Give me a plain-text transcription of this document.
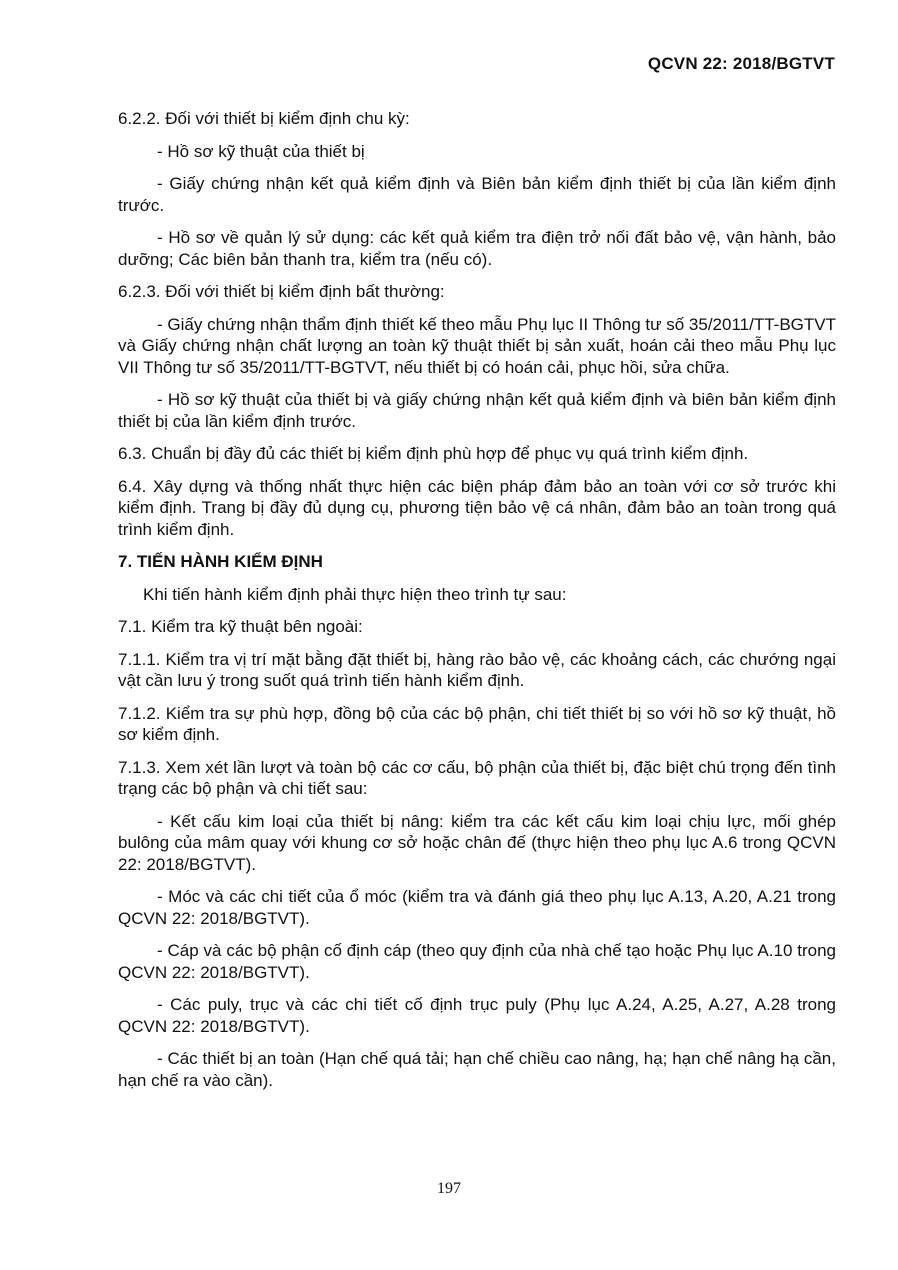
QCVN 22: 2018/BGTVT

6.2.2. Đối với thiết bị kiểm định chu kỳ:

- Hồ sơ kỹ thuật của thiết bị

- Giấy chứng nhận kết quả kiểm định và Biên bản kiểm định thiết bị của lần kiểm định trước.

- Hồ sơ về quản lý sử dụng: các kết quả kiểm tra điện trở nối đất bảo vệ, vận hành, bảo dưỡng; Các biên bản thanh tra, kiểm tra (nếu có).

6.2.3. Đối với thiết bị kiểm định bất thường:

- Giấy chứng nhận thẩm định thiết kế theo mẫu Phụ lục II Thông tư số 35/2011/TT-BGTVT và Giấy chứng nhận chất lượng an toàn kỹ thuật thiết bị sản xuất, hoán cải theo mẫu Phụ lục VII Thông tư số 35/2011/TT-BGTVT, nếu thiết bị có hoán cải, phục hồi, sửa chữa.

- Hồ sơ kỹ thuật của thiết bị và giấy chứng nhận kết quả kiểm định và biên bản kiểm định thiết bị của lần kiểm định trước.

6.3. Chuẩn bị đầy đủ các thiết bị kiểm định phù hợp để phục vụ quá trình kiểm định.

6.4. Xây dựng và thống nhất thực hiện các biện pháp đảm bảo an toàn với cơ sở trước khi kiểm định. Trang bị đầy đủ dụng cụ, phương tiện bảo vệ cá nhân, đảm bảo an toàn trong quá trình kiểm định.

7. TIẾN HÀNH KIỂM ĐỊNH

Khi tiến hành kiểm định phải thực hiện theo trình tự sau:

7.1. Kiểm tra kỹ thuật bên ngoài:

7.1.1. Kiểm tra vị trí mặt bằng đặt thiết bị, hàng rào bảo vệ, các khoảng cách, các chướng ngại vật cần lưu ý trong suốt quá trình tiến hành kiểm định.

7.1.2. Kiểm tra sự phù hợp, đồng bộ của các bộ phận, chi tiết thiết bị so với hồ sơ kỹ thuật, hồ sơ kiểm định.

7.1.3. Xem xét lần lượt và toàn bộ các cơ cấu, bộ phận của thiết bị, đặc biệt chú trọng đến tình trạng các bộ phận và chi tiết sau:

- Kết cấu kim loại của thiết bị nâng: kiểm tra các kết cấu kim loại chịu lực, mối ghép bulông của mâm quay với khung cơ sở hoặc chân đế (thực hiện theo phụ lục A.6 trong QCVN 22: 2018/BGTVT).

- Móc và các chi tiết của ổ móc (kiểm tra và đánh giá theo phụ lục A.13, A.20, A.21 trong QCVN 22: 2018/BGTVT).

- Cáp và các bộ phận cố định cáp (theo quy định của nhà chế tạo hoặc Phụ lục A.10 trong QCVN 22: 2018/BGTVT).

- Các puly, trục và các chi tiết cố định trục puly (Phụ lục A.24, A.25, A.27, A.28 trong QCVN 22: 2018/BGTVT).

- Các thiết bị an toàn (Hạn chế quá tải; hạn chế chiều cao nâng, hạ; hạn chế nâng hạ cần, hạn chế ra vào cần).

197
